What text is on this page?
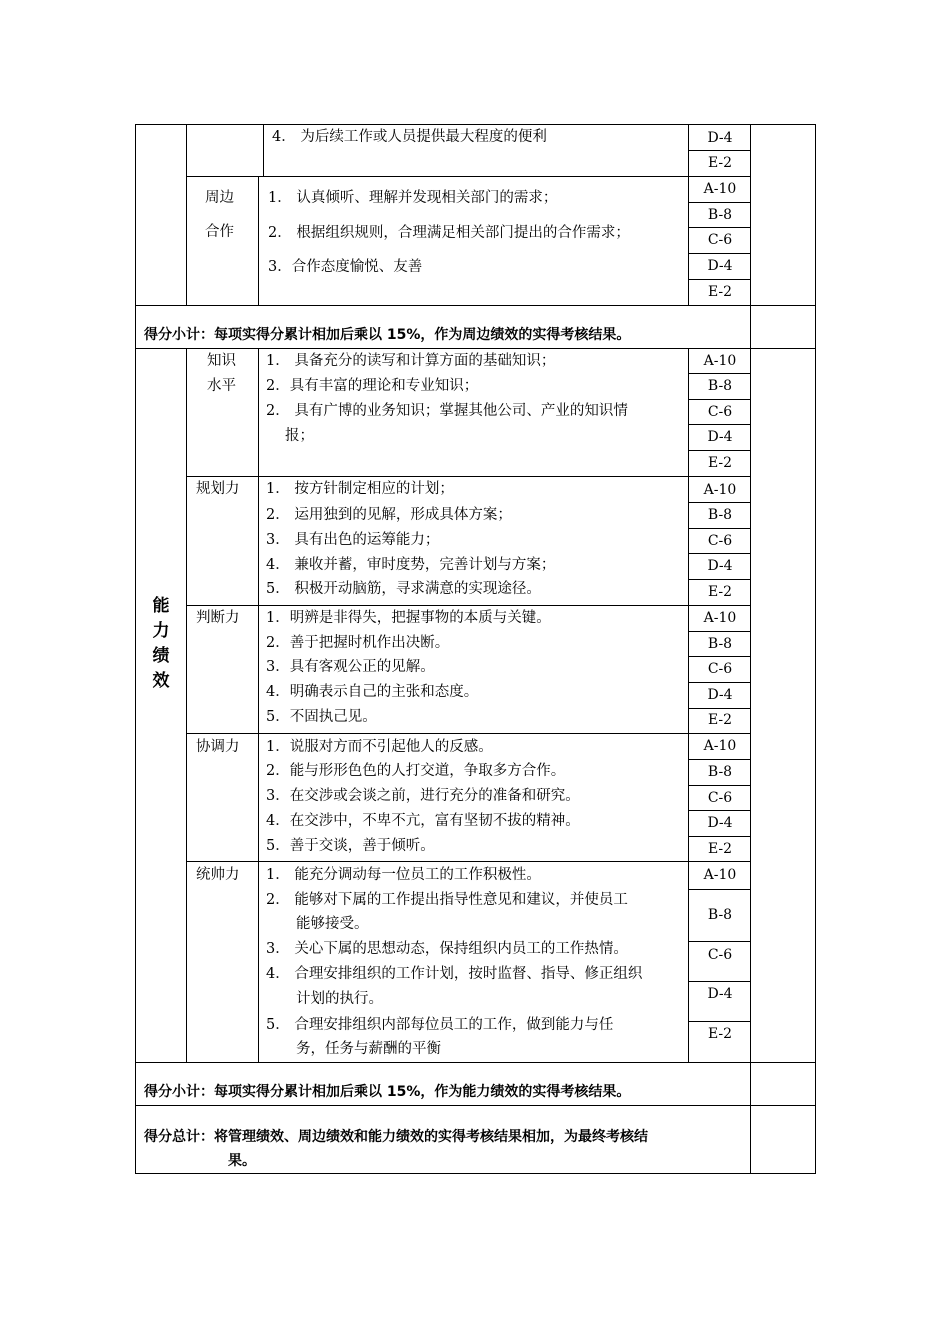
4． 为后续工作或人员提供最大程度的便利	D-4
E-2
周边
合作
1． 认真倾听、理解并发现相关部门的需求；
2． 根据组织规则，合理满足相关部门提出的合作需求；
3．合作态度愉悦、友善
A-10
B-8
C-6
D-4
E-2
得分小计：每项实得分累计相加后乘以 15%，作为周边绩效的实得考核结果。
能力绩效
知识
水平
1． 具备充分的读写和计算方面的基础知识；
2．具有丰富的理论和专业知识；
2． 具有广博的业务知识；掌握其他公司、产业的知识情
报；
A-10
B-8
C-6
D-4
E-2
规划力 1． 按方针制定相应的计划；
2． 运用独到的见解，形成具体方案；
3． 具有出色的运筹能力；
4． 兼收并蓄，审时度势，完善计划与方案；
5． 积极开动脑筋，寻求满意的实现途径。
A-10
B-8
C-6
D-4
E-2
判断力 1．明辨是非得失，把握事物的本质与关键。
2．善于把握时机作出决断。
3．具有客观公正的见解。
4．明确表示自己的主张和态度。
5．不固执己见。
A-10
B-8
C-6
D-4
E-2
协调力 1．说服对方而不引起他人的反感。
2．能与形形色色的人打交道，争取多方合作。
3．在交涉或会谈之前，进行充分的准备和研究。
4．在交涉中，不卑不亢，富有坚韧不拔的精神。
5．善于交谈，善于倾听。
A-10
B-8
C-6
D-4
E-2
统帅力 1． 能充分调动每一位员工的工作积极性。
2． 能够对下属的工作提出指导性意见和建议，并使员工
能够接受。
3． 关心下属的思想动态，保持组织内员工的工作热情。
4． 合理安排组织的工作计划，按时监督、指导、修正组织
计划的执行。
5． 合理安排组织内部每位员工的工作，做到能力与任
务，任务与薪酬的平衡
A-10
B-8
C-6
D-4
E-2
得分小计：每项实得分累计相加后乘以 15%，作为能力绩效的实得考核结果。
得分总计：将管理绩效、周边绩效和能力绩效的实得考核结果相加，为最终考核结
果。
